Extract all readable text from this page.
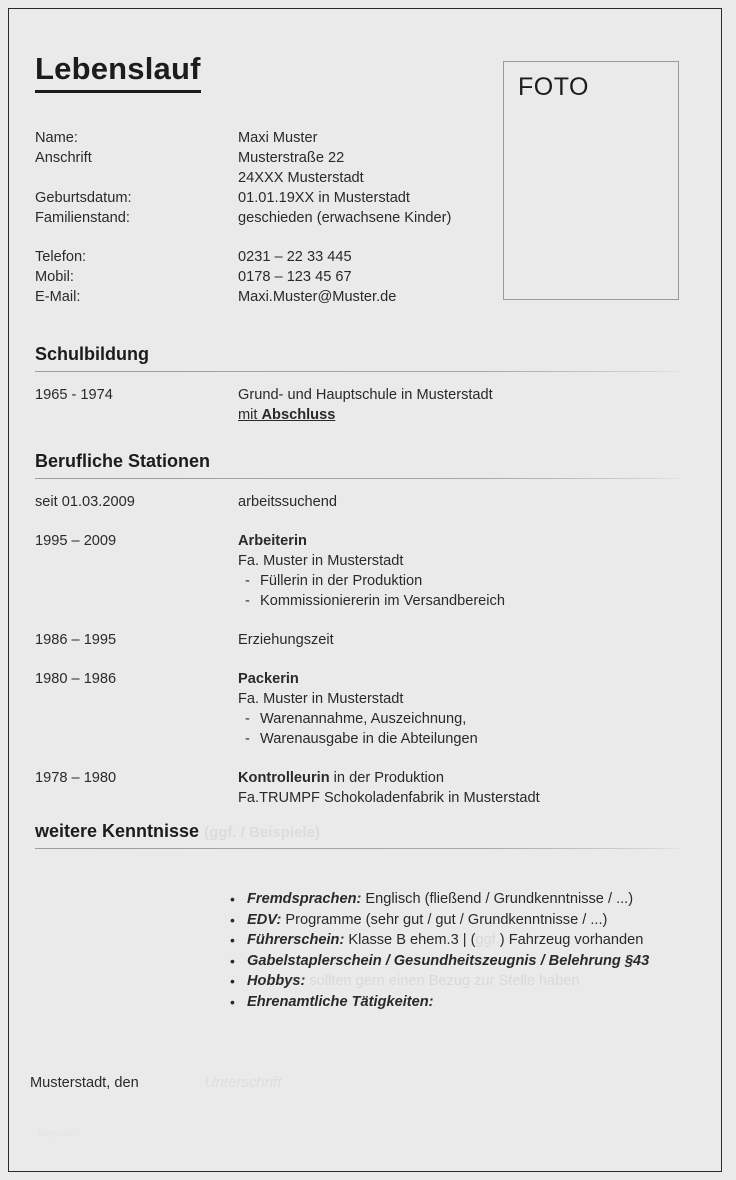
Lebenslauf
FOTO
Name:	Maxi Muster
Anschrift	Musterstraße 22
24XXX Musterstadt
Geburtsdatum:	01.01.19XX in Musterstadt
Familienstand:	geschieden (erwachsene Kinder)
Telefon:	0231 – 22 33 445
Mobil:	0178 – 123 45 67
E-Mail:	Maxi.Muster@Muster.de
Schulbildung
1965 - 1974	Grund- und Hauptschule in Musterstadt
mit Abschluss
Berufliche Stationen
seit 01.03.2009	arbeitssuchend
1995 – 2009	Arbeiterin
Fa. Muster in Musterstadt
- Füllerin in der Produktion
- Kommissioniererin im Versandbereich
1986 – 1995	Erziehungszeit
1980 – 1986	Packerin
Fa. Muster in Musterstadt
- Warenannahme, Auszeichnung,
- Warenausgabe in die Abteilungen
1978 – 1980	Kontrolleurin in der Produktion
Fa.TRUMPF Schokoladenfabrik in Musterstadt
weitere Kenntnisse (ggf. / Beispiele)
• Fremdsprachen: Englisch (fließend / Grundkenntnisse / ...)
• EDV: Programme (sehr gut / gut / Grundkenntnisse / ...)
• Führerschein: Klasse B ehem.3 | (ggf.) Fahrzeug vorhanden
• Gabelstaplerschein / Gesundheitszeugnis / Belehrung §43
• Hobbys: sollten gern einen Bezug zur Stelle haben
• Ehrenamtliche Tätigkeiten:
Musterstadt, den	Unterschrift
kaysank
